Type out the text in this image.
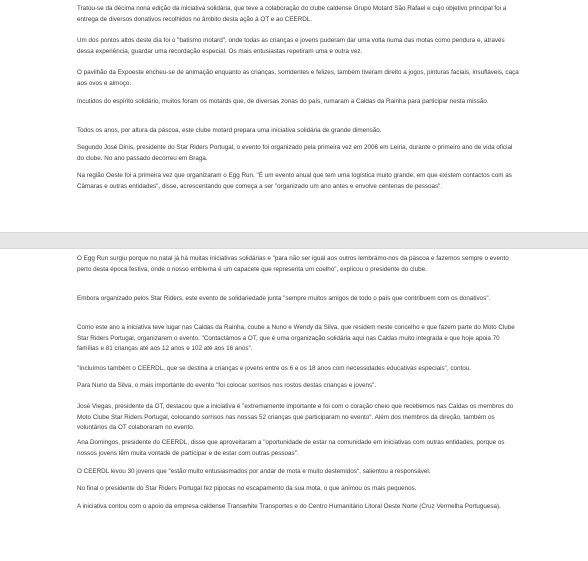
Tratou-se da décima nona edição da iniciativa solidária, que teve a colaboração do clube caldense Grupo Motard São Rafael e cujo objetivo principal foi a entrega de diversos donativos recolhidos no âmbito desta ação à OT e ao CEERDL.

Um dos pontos altos deste dia foi o "batismo motard", onde todas as crianças e jovens puderam dar uma volta numa das motas como pendura e, através dessa experiência, guardar uma recordação especial. Os mais entusiastas repetiram uma e outra vez.

O pavilhão da Expoeste encheu-se de animação enquanto as crianças, sorridentes e felizes, também tiveram direito a jogos, pinturas faciais, insufláveis, caça aos ovos e almoço.

Incutidos do espírito solidário, muitos foram os motards que, de diversas zonas do país, rumaram a Caldas da Rainha para participar nesta missão.

Todos os anos, por altura da páscoa, este clube motard prepara uma iniciativa solidária de grande dimensão.

Segundo José Dinis, presidente do Star Riders Portugal, o evento foi organizado pela primeira vez em 2006 em Leiria, durante o primeiro ano de vida oficial do clube. No ano passado decorreu em Braga.

Na região Oeste foi a primeira vez que organizaram o Egg Run. "É um evento anual que tem uma logística muito grande, em que existem contactos com as Câmaras e outras entidades", disse, acrescentando que começa a ser "organizado um ano antes e envolve centenas de pessoas".

O Egg Run surgiu porque no natal já há muitas iniciativas solidárias e "para não ser igual aos outros lembrámo-nos da páscoa e fazemos sempre o evento perto desta época festiva, onde o nosso emblema é um capacete que representa um coelho", explicou o presidente do clube.

Embora organizado pelos Star Riders, este evento de solidariedade junta "sempre muitos amigos de todo o país que contribuem com os donativos".

Como este ano a iniciativa teve lugar nas Caldas da Rainha, coube a Nuno e Wendy da Silva, que residem neste concelho e que fazem parte do Moto Clube Star Riders Portugal, organizarem o evento. "Contactámos a OT, que é uma organização solidária aqui nas Caldas muito integrada e que hoje apoia 70 famílias e 81 crianças até aos 12 anos e 102 até aos 16 anos".

"Incluímos também o CEERDL, que se destina a crianças e jovens entre os 6 e os 18 anos com necessidades educativas especiais", contou.

Para Nuno da Silva, o mais importante do evento "foi colocar sorrisos nos rostos destas crianças e jovens".

José Viegas, presidente da OT, destacou que a iniciativa é "extremamente importante e foi com o coração cheio que recebemos nas Caldas os membros do Moto Clube Star Riders Portugal, colocando sorrisos nas nossas 52 crianças que participaram no evento". Além dos membros da direção, também os voluntários da OT colaboraram no evento.

Ana Domingos, presidente do CEERDL, disse que aproveitaram a "oportunidade de estar na comunidade em iniciativas com outras entidades, porque os nossos jovens têm muita vontade de participar e de estar com outras pessoas".

O CEERDL levou 30 jovens que "estão muito entusiasmados por andar de mota e muito destemidos", salientou a responsável.

No final o presidente do Star Riders Portugal fez pipocas no escapamento da sua mota, o que animou os mais pequenos.

A iniciativa contou com o apoio da empresa caldense Transwhite Transportes e do Centro Humanitário Litoral Oeste Norte (Cruz Vermelha Portuguesa).
